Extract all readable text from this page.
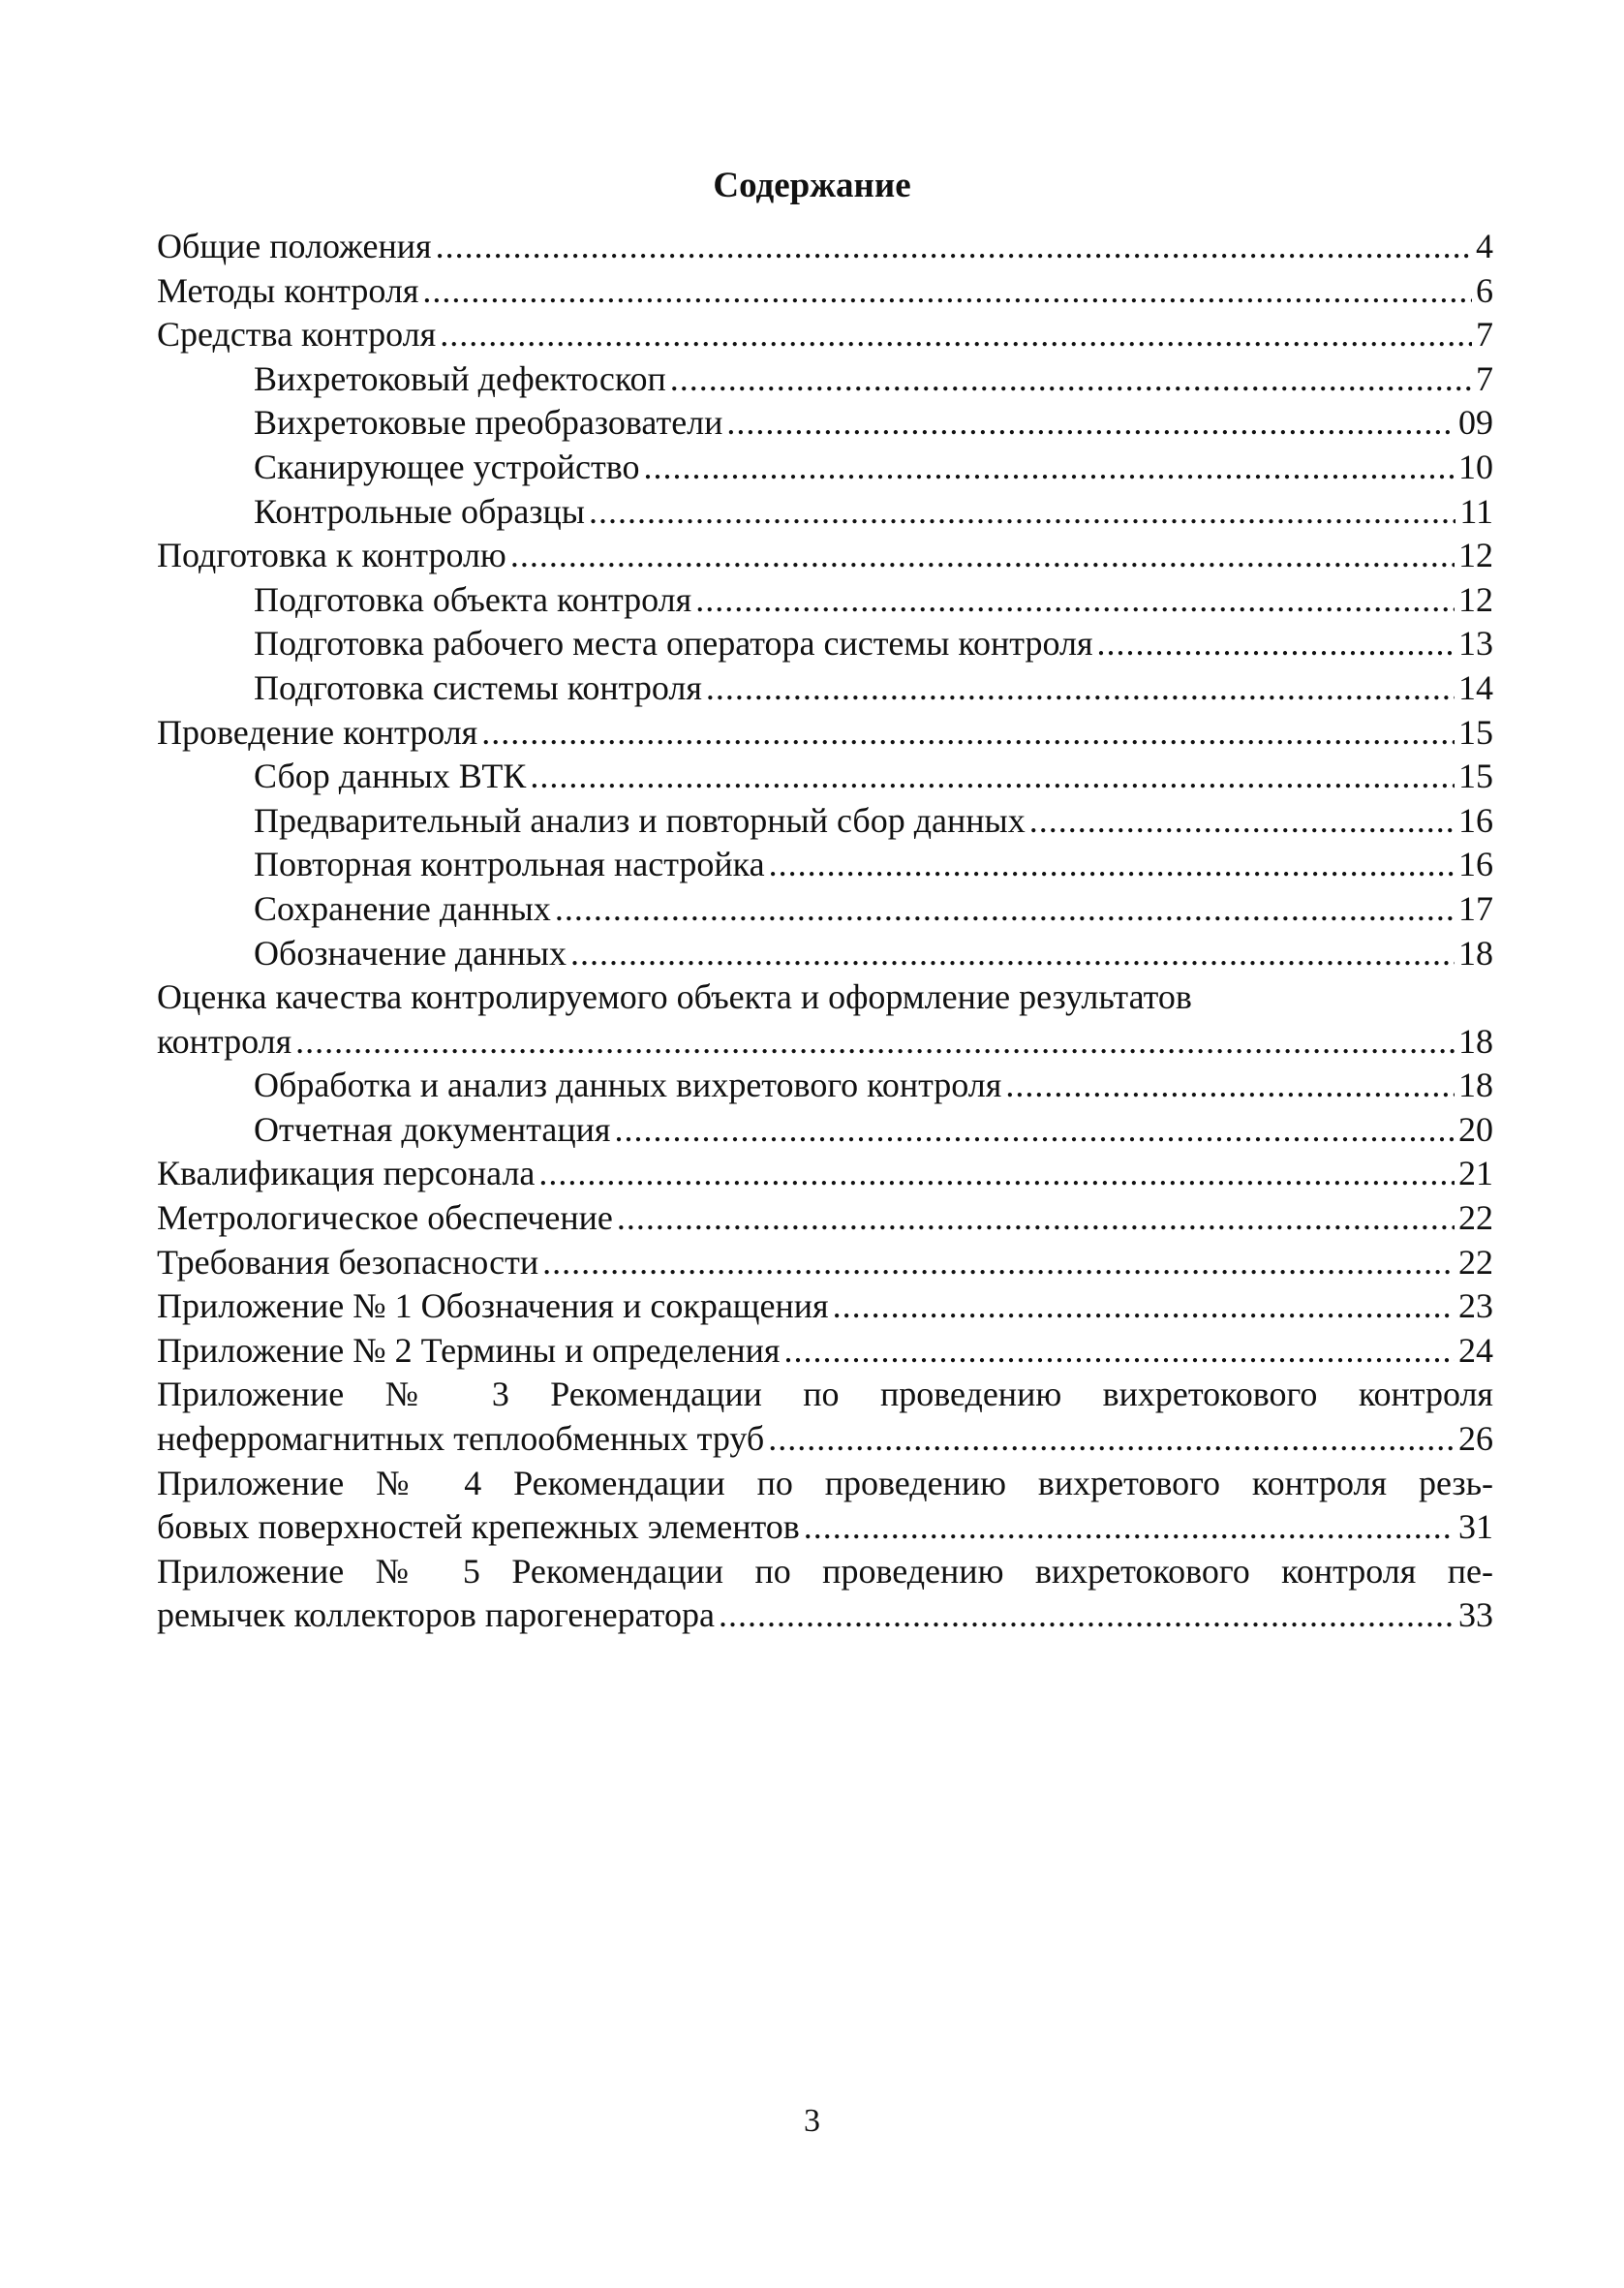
Содержание
Общие положения .....	4
Методы контроля .....	6
Средства контроля .....	7
Вихретоковый дефектоскоп .....	7
Вихретоковые преобразователи .....	09
Сканирующее устройство .....	10
Контрольные образцы .....	11
Подготовка к контролю .....	12
Подготовка объекта контроля .....	12
Подготовка рабочего места оператора системы контроля .....	13
Подготовка системы контроля .....	14
Проведение контроля .....	15
Сбор данных ВТК .....	15
Предварительный анализ и повторный сбор данных .....	16
Повторная контрольная настройка .....	16
Сохранение данных .....	17
Обозначение данных .....	18
Оценка качества контролируемого объекта и оформление результатов
контроля .....	18
Обработка и анализ данных вихретового контроля .....	18
Отчетная документация .....	20
Квалификация персонала .....	21
Метрологическое обеспечение .....	22
Требования безопасности .....	22
Приложение № 1 Обозначения и сокращения .....	23
Приложение № 2 Термины и определения .....	24
Приложение № 3 Рекомендации по проведению вихретокового контроля
неферромагнитных теплообменных труб .....	26
Приложение № 4 Рекомендации по проведению вихретового контроля резь-
бовых поверхностей крепежных элементов .....	31
Приложение № 5 Рекомендации по проведению вихретокового контроля пе-
ремычек коллекторов парогенератора .....	33
3
